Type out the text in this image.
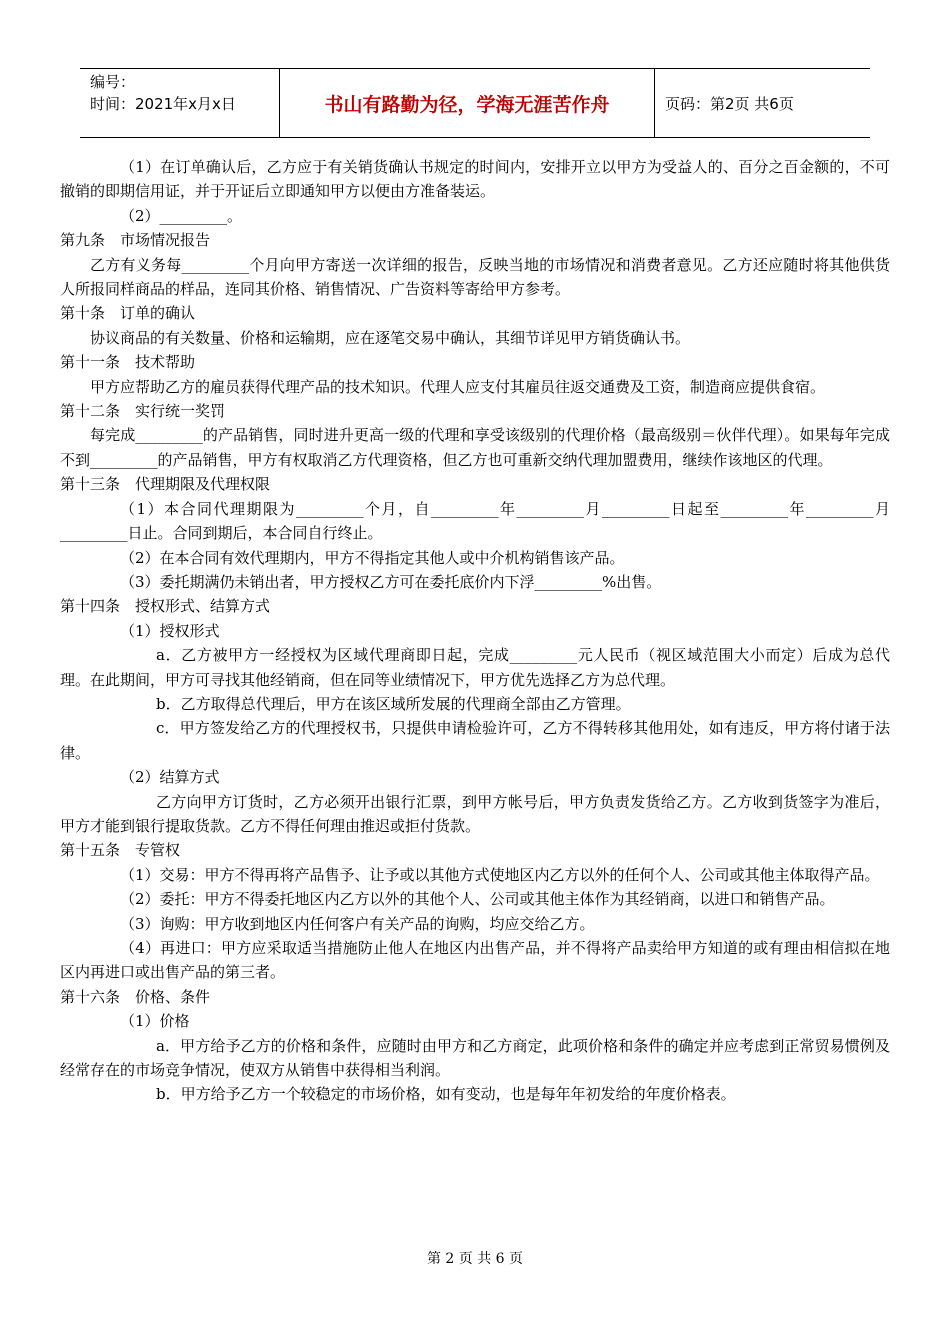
编号：
时间：2021年x月x日	书山有路勤为径，学海无涯苦作舟	页码：第2页 共6页

（1）在订单确认后，乙方应于有关销货确认书规定的时间内，安排开立以甲方为受益人的、百分之百金额的，不可撤销的即期信用证，并于开证后立即通知甲方以便由方准备装运。

（2）_________。

第九条　市场情况报告

乙方有义务每_________个月向甲方寄送一次详细的报告，反映当地的市场情况和消费者意见。乙方还应随时将其他供货人所报同样商品的样品，连同其价格、销售情况、广告资料等寄给甲方参考。

第十条　订单的确认

协议商品的有关数量、价格和运输期，应在逐笔交易中确认，其细节详见甲方销货确认书。

第十一条　技术帮助

甲方应帮助乙方的雇员获得代理产品的技术知识。代理人应支付其雇员往返交通费及工资，制造商应提供食宿。

第十二条　实行统一奖罚

每完成_________的产品销售，同时进升更高一级的代理和享受该级别的代理价格（最高级别＝伙伴代理）。如果每年完成不到_________的产品销售，甲方有权取消乙方代理资格，但乙方也可重新交纳代理加盟费用，继续作该地区的代理。

第十三条　代理期限及代理权限

（1）本合同代理期限为_________个月，自_________年_________月_________日起至_________年_________月_________日止。合同到期后，本合同自行终止。

（2）在本合同有效代理期内，甲方不得指定其他人或中介机构销售该产品。

（3）委托期满仍未销出者，甲方授权乙方可在委托底价内下浮_________%出售。

第十四条　授权形式、结算方式

（1）授权形式

a．乙方被甲方一经授权为区域代理商即日起，完成_________元人民币（视区域范围大小而定）后成为总代理。在此期间，甲方可寻找其他经销商，但在同等业绩情况下，甲方优先选择乙方为总代理。

b．乙方取得总代理后，甲方在该区域所发展的代理商全部由乙方管理。

c．甲方签发给乙方的代理授权书，只提供申请检验许可，乙方不得转移其他用处，如有违反，甲方将付诸于法律。

（2）结算方式

乙方向甲方订货时，乙方必须开出银行汇票，到甲方帐号后，甲方负责发货给乙方。乙方收到货签字为准后，甲方才能到银行提取货款。乙方不得任何理由推迟或拒付货款。

第十五条　专管权

（1）交易：甲方不得再将产品售予、让予或以其他方式使地区内乙方以外的任何个人、公司或其他主体取得产品。

（2）委托：甲方不得委托地区内乙方以外的其他个人、公司或其他主体作为其经销商，以进口和销售产品。

（3）询购：甲方收到地区内任何客户有关产品的询购，均应交给乙方。

（4）再进口：甲方应采取适当措施防止他人在地区内出售产品，并不得将产品卖给甲方知道的或有理由相信拟在地区内再进口或出售产品的第三者。

第十六条　价格、条件

（1）价格

a．甲方给予乙方的价格和条件，应随时由甲方和乙方商定，此项价格和条件的确定并应考虑到正常贸易惯例及经常存在的市场竞争情况，使双方从销售中获得相当利润。

b．甲方给予乙方一个较稳定的市场价格，如有变动，也是每年年初发给的年度价格表。

第 2 页 共 6 页
